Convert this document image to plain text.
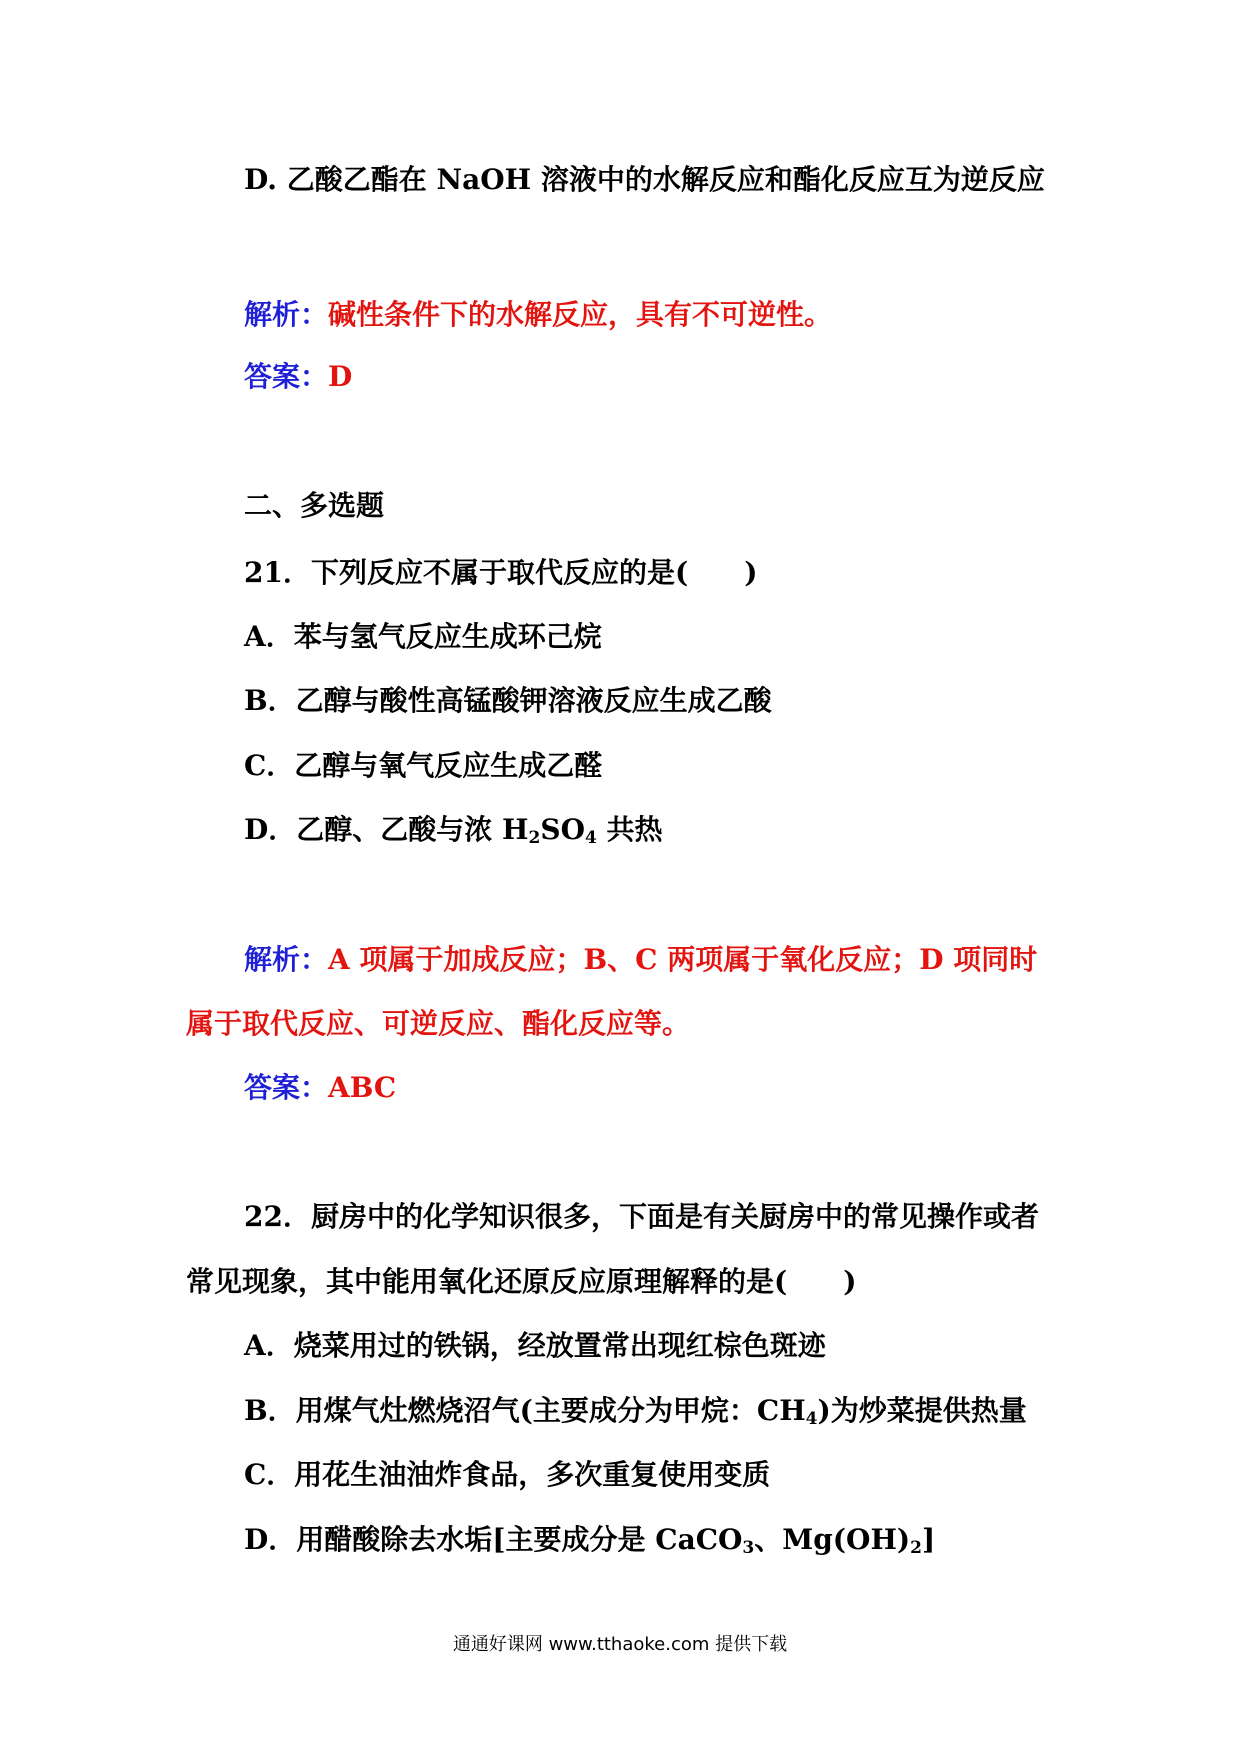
D. 乙酸乙酯在 NaOH 溶液中的水解反应和酯化反应互为逆反应
解析：碱性条件下的水解反应，具有不可逆性。
答案：D
二、多选题
21．下列反应不属于取代反应的是(　　)
A．苯与氢气反应生成环己烷
B．乙醇与酸性高锰酸钾溶液反应生成乙酸
C．乙醇与氧气反应生成乙醛
D．乙醇、乙酸与浓 $H_2SO_4$ 共热
解析：A 项属于加成反应；B、C 两项属于氧化反应；D 项同时
属于取代反应、可逆反应、酯化反应等。
答案：ABC
22．厨房中的化学知识很多，下面是有关厨房中的常见操作或者
常见现象，其中能用氧化还原反应原理解释的是(　　)
A．烧菜用过的铁锅，经放置常出现红棕色斑迹
B．用煤气灶燃烧沼气(主要成分为甲烷：$CH_4$)为炒菜提供热量
C．用花生油油炸食品，多次重复使用变质
D．用醋酸除去水垢[主要成分是 CaCO$_3$、$Mg(OH)_2$]
通通好课网 www.tthaoke.com 提供下载
